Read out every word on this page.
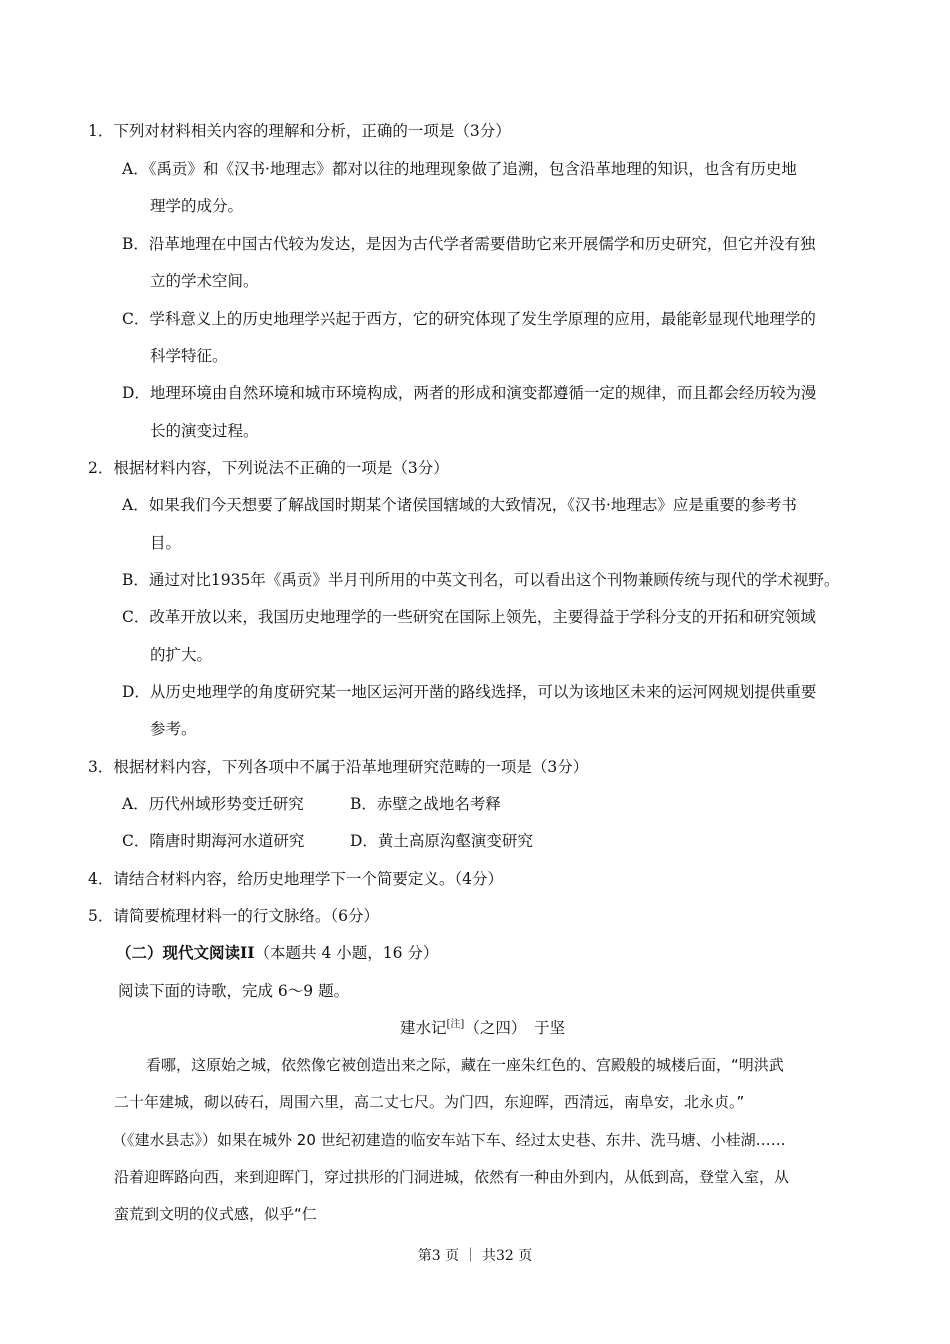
1．下列对材料相关内容的理解和分析，正确的一项是（3分）
A．《禹贡》和《汉书·地理志》都对以往的地理现象做了追溯，包含沿革地理的知识，也含有历史地
理学的成分。
B．沿革地理在中国古代较为发达，是因为古代学者需要借助它来开展儒学和历史研究，但它并没有独
立的学术空间。
C．学科意义上的历史地理学兴起于西方，它的研究体现了发生学原理的应用，最能彰显现代地理学的
科学特征。
D．地理环境由自然环境和城市环境构成，两者的形成和演变都遵循一定的规律，而且都会经历较为漫
长的演变过程。
2．根据材料内容，下列说法不正确的一项是（3分）
A．如果我们今天想要了解战国时期某个诸侯国辖域的大致情况，《汉书·地理志》应是重要的参考书
目。
B．通过对比1935年《禹贡》半月刊所用的中英文刊名，可以看出这个刊物兼顾传统与现代的学术视野。
C．改革开放以来，我国历史地理学的一些研究在国际上领先，主要得益于学科分支的开拓和研究领域
的扩大。
D．从历史地理学的角度研究某一地区运河开凿的路线选择，可以为该地区未来的运河网规划提供重要
参考。
3．根据材料内容，下列各项中不属于沿革地理研究范畴的一项是（3分）
A．历代州域形势变迁研究	B．赤壁之战地名考释
C．隋唐时期海河水道研究	D．黄土高原沟壑演变研究
4．请结合材料内容，给历史地理学下一个简要定义。（4分）
5．请简要梳理材料一的行文脉络。（6分）
（二）现代文阅读II（本题共 4 小题，16 分）
阅读下面的诗歌，完成 6～9 题。
建水记[注]（之四）　于坚
看哪，这原始之城，依然像它被创造出来之际，藏在一座朱红色的、宫殿般的城楼后面，“明洪武
二十年建城，砌以砖石，周围六里，高二丈七尺。为门四，东迎晖，西清远，南阜安，北永贞。”
（《建水县志》）如果在城外 20 世纪初建造的临安车站下车、经过太史巷、东井、洗马塘、小桂湖……
沿着迎晖路向西，来到迎晖门，穿过拱形的门洞进城，依然有一种由外到内，从低到高，登堂入室，从
蛮荒到文明的仪式感，似乎“仁
第3 页 ｜ 共32 页
